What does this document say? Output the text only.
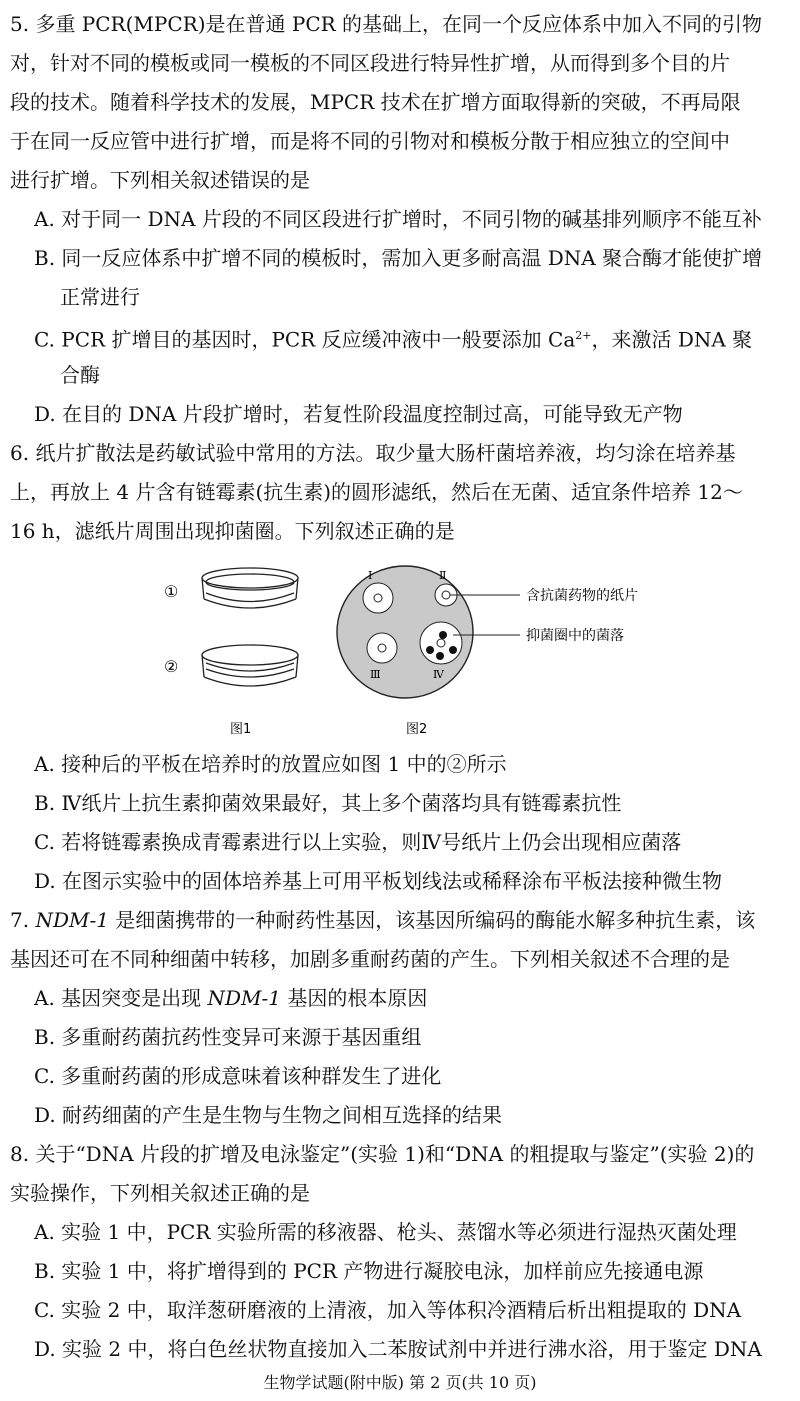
5. 多重 PCR(MPCR)是在普通 PCR 的基础上，在同一个反应体系中加入不同的引物
对，针对不同的模板或同一模板的不同区段进行特异性扩增，从而得到多个目的片
段的技术。随着科学技术的发展，MPCR 技术在扩增方面取得新的突破，不再局限
于在同一反应管中进行扩增，而是将不同的引物对和模板分散于相应独立的空间中
进行扩增。下列相关叙述错误的是
A. 对于同一 DNA 片段的不同区段进行扩增时，不同引物的碱基排列顺序不能互补
B. 同一反应体系中扩增不同的模板时，需加入更多耐高温 DNA 聚合酶才能使扩增
正常进行
C. PCR 扩增目的基因时，PCR 反应缓冲液中一般要添加 $Ca^{2+}$，来激活 DNA 聚
合酶
D. 在目的 DNA 片段扩增时，若复性阶段温度控制过高，可能导致无产物
6. 纸片扩散法是药敏试验中常用的方法。取少量大肠杆菌培养液，均匀涂在培养基
上，再放上 4 片含有链霉素(抗生素)的圆形滤纸，然后在无菌、适宜条件培养 12～
16 h，滤纸片周围出现抑菌圈。下列叙述正确的是
①
②
图1
Ⅰ	Ⅱ
Ⅲ	Ⅳ
含抗菌药物的纸片
抑菌圈中的菌落
图2
A. 接种后的平板在培养时的放置应如图 1 中的②所示
B. Ⅳ纸片上抗生素抑菌效果最好，其上多个菌落均具有链霉素抗性
C. 若将链霉素换成青霉素进行以上实验，则Ⅳ号纸片上仍会出现相应菌落
D. 在图示实验中的固体培养基上可用平板划线法或稀释涂布平板法接种微生物
7. NDM-1 是细菌携带的一种耐药性基因，该基因所编码的酶能水解多种抗生素，该
基因还可在不同种细菌中转移，加剧多重耐药菌的产生。下列相关叙述不合理的是
A. 基因突变是出现 NDM-1 基因的根本原因
B. 多重耐药菌抗药性变异可来源于基因重组
C. 多重耐药菌的形成意味着该种群发生了进化
D. 耐药细菌的产生是生物与生物之间相互选择的结果
8. 关于“DNA 片段的扩增及电泳鉴定”(实验 1)和“DNA 的粗提取与鉴定”(实验 2)的
实验操作，下列相关叙述正确的是
A. 实验 1 中，PCR 实验所需的移液器、枪头、蒸馏水等必须进行湿热灭菌处理
B. 实验 1 中，将扩增得到的 PCR 产物进行凝胶电泳，加样前应先接通电源
C. 实验 2 中，取洋葱研磨液的上清液，加入等体积冷酒精后析出粗提取的 DNA
D. 实验 2 中，将白色丝状物直接加入二苯胺试剂中并进行沸水浴，用于鉴定 DNA
生物学试题(附中版) 第 2 页(共 10 页)
